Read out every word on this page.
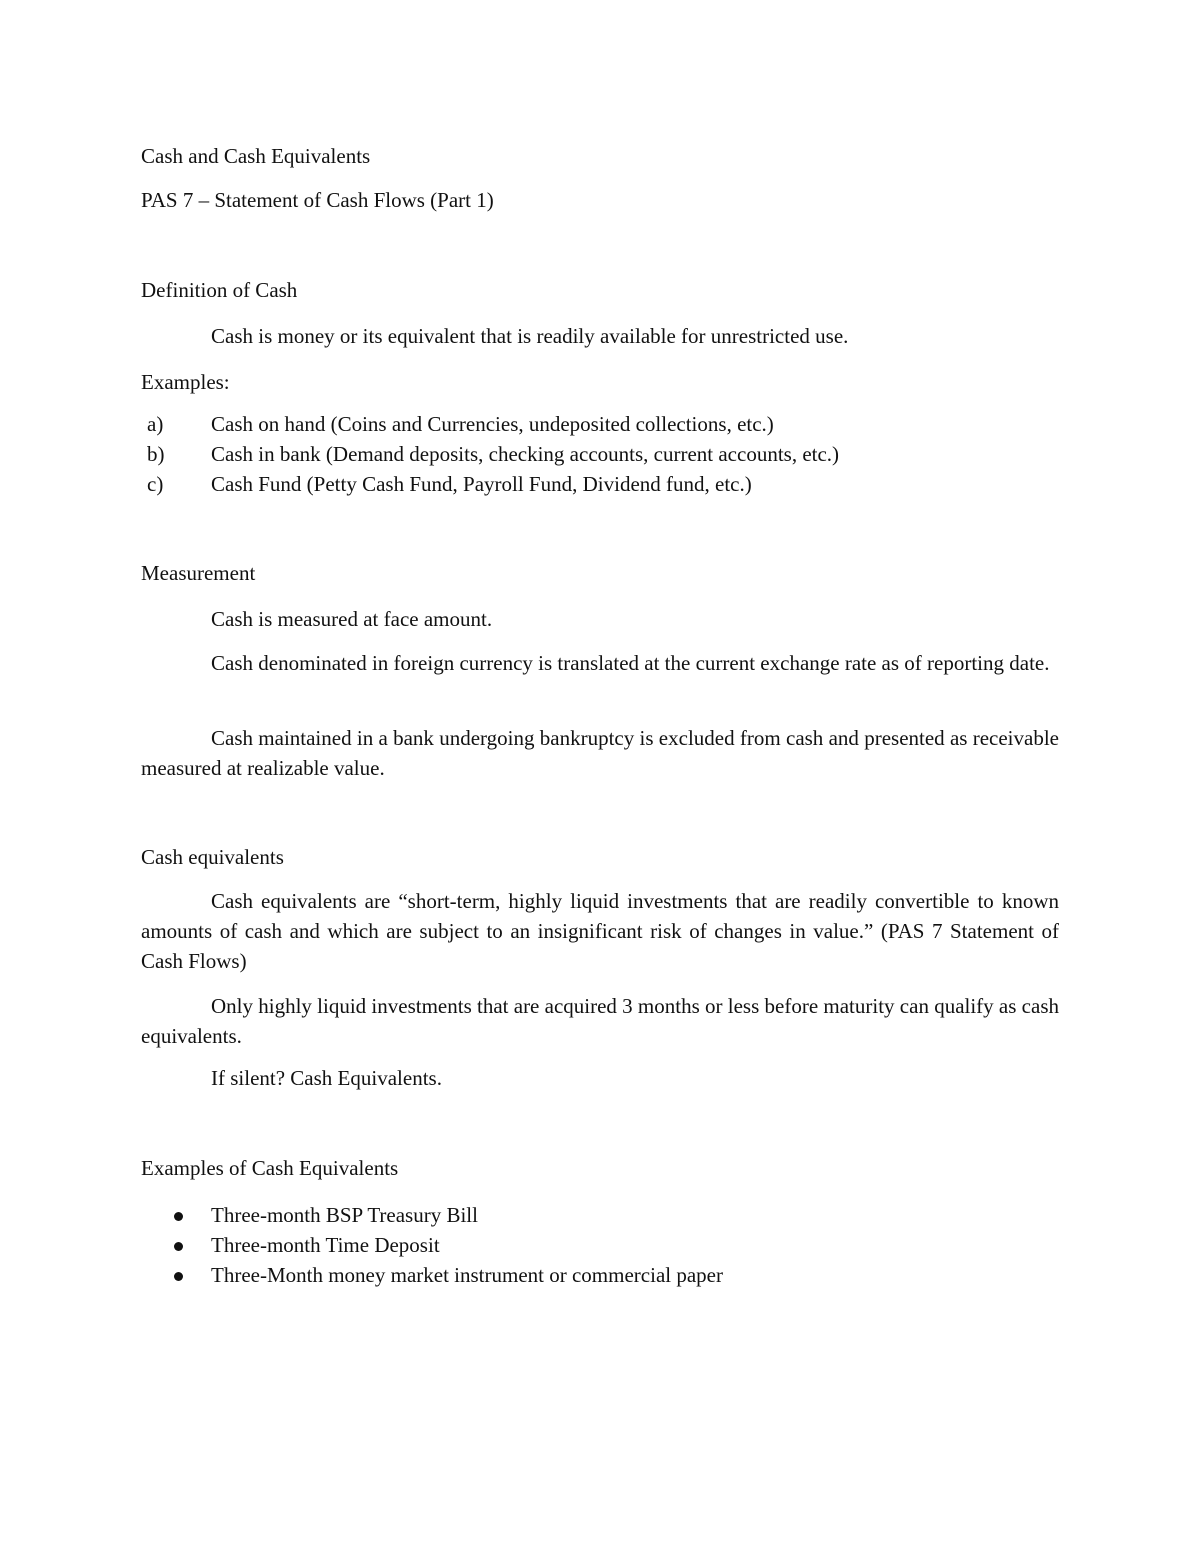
Cash and Cash Equivalents
PAS 7 – Statement of Cash Flows (Part 1)
Definition of Cash
Cash is money or its equivalent that is readily available for unrestricted use.
Examples:
a) Cash on hand (Coins and Currencies, undeposited collections, etc.)
b) Cash in bank (Demand deposits, checking accounts, current accounts, etc.)
c) Cash Fund (Petty Cash Fund, Payroll Fund, Dividend fund, etc.)
Measurement
Cash is measured at face amount.
Cash denominated in foreign currency is translated at the current exchange rate as of reporting date.
Cash maintained in a bank undergoing bankruptcy is excluded from cash and presented as receivable measured at realizable value.
Cash equivalents
Cash equivalents are “short-term, highly liquid investments that are readily convertible to known amounts of cash and which are subject to an insignificant risk of changes in value.” (PAS 7 Statement of Cash Flows)
Only highly liquid investments that are acquired 3 months or less before maturity can qualify as cash equivalents.
If silent? Cash Equivalents.
Examples of Cash Equivalents
Three-month BSP Treasury Bill
Three-month Time Deposit
Three-Month money market instrument or commercial paper
